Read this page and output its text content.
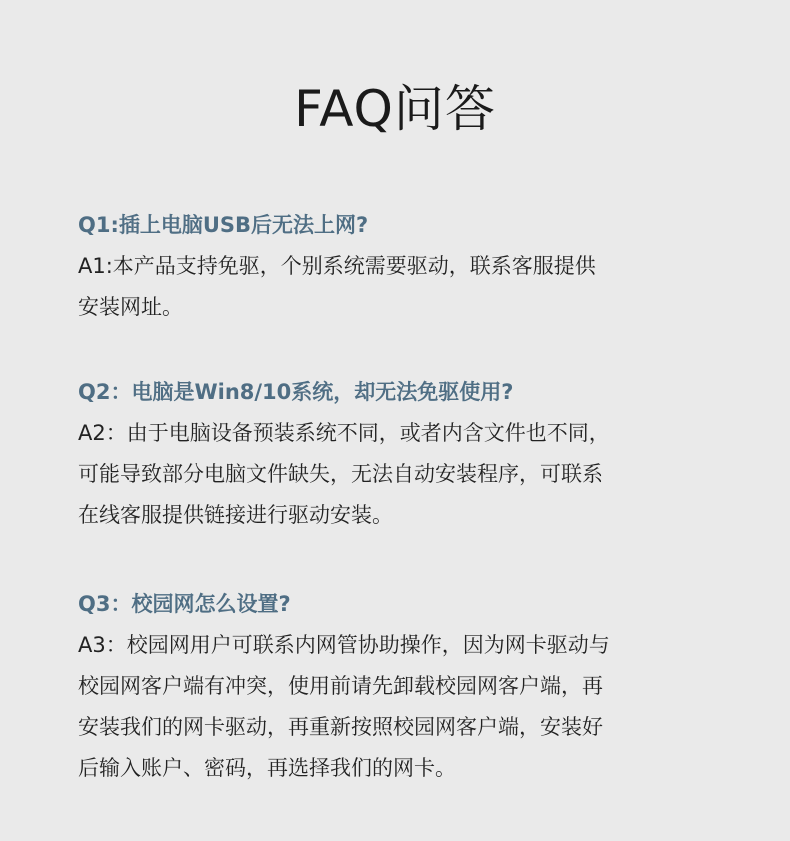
FAQ问答
Q1:插上电脑USB后无法上网?
A1:本产品支持免驱，个别系统需要驱动，联系客服提供
安装网址。
Q2：电脑是Win8/10系统，却无法免驱使用?
A2：由于电脑设备预装系统不同，或者内含文件也不同，
可能导致部分电脑文件缺失，无法自动安装程序，可联系
在线客服提供链接进行驱动安装。
Q3：校园网怎么设置?
A3：校园网用户可联系内网管协助操作，因为网卡驱动与
校园网客户端有冲突，使用前请先卸载校园网客户端，再
安装我们的网卡驱动，再重新按照校园网客户端，安装好
后输入账户、密码，再选择我们的网卡。
